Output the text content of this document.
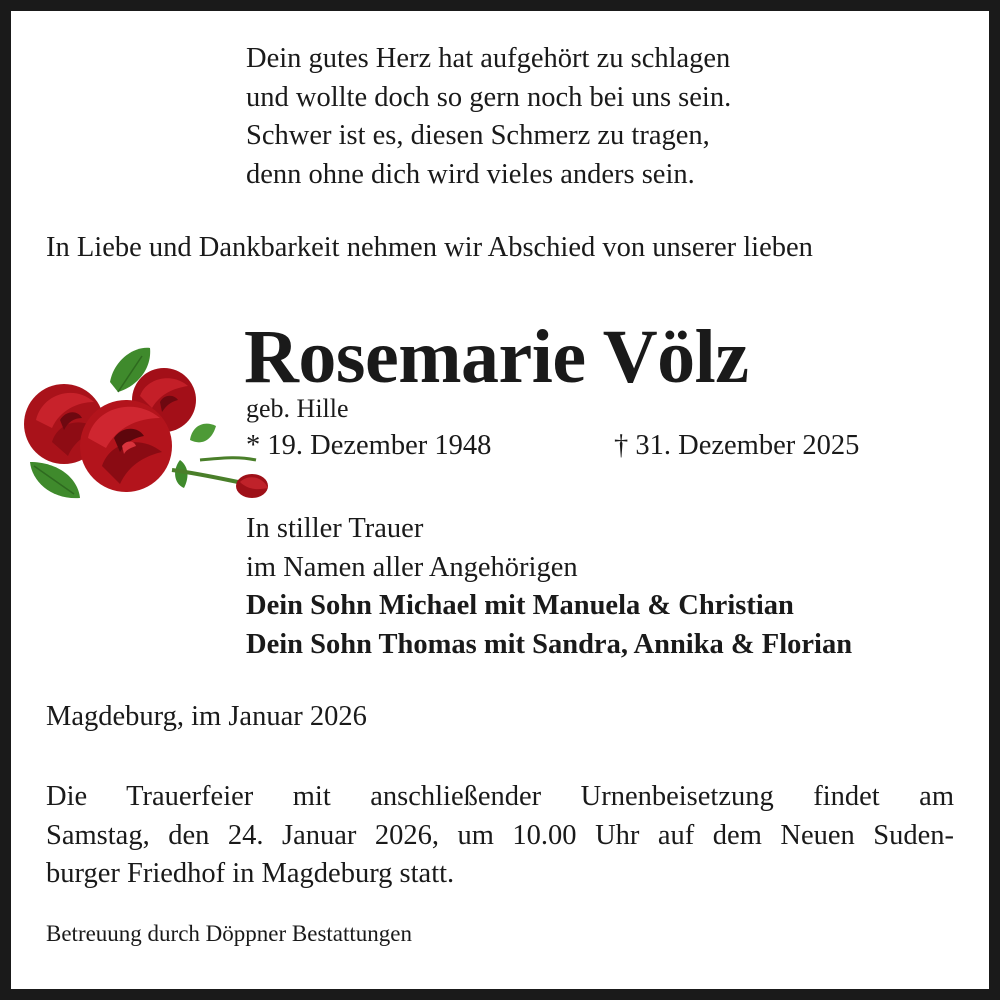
Dein gutes Herz hat aufgehört zu schlagen
und wollte doch so gern noch bei uns sein.
Schwer ist es, diesen Schmerz zu tragen,
denn ohne dich wird vieles anders sein.
In Liebe und Dankbarkeit nehmen wir Abschied von unserer lieben
Rosemarie Völz
geb. Hille
* 19. Dezember 1948	† 31. Dezember 2025
In stiller Trauer
im Namen aller Angehörigen
Dein Sohn Michael mit Manuela & Christian
Dein Sohn Thomas mit Sandra, Annika & Florian
Magdeburg, im Januar 2026
Die Trauerfeier mit anschließender Urnenbeisetzung findet am
Samstag, den 24. Januar 2026, um 10.00 Uhr auf dem Neuen Suden-
burger Friedhof in Magdeburg statt.
Betreuung durch Döppner Bestattungen
